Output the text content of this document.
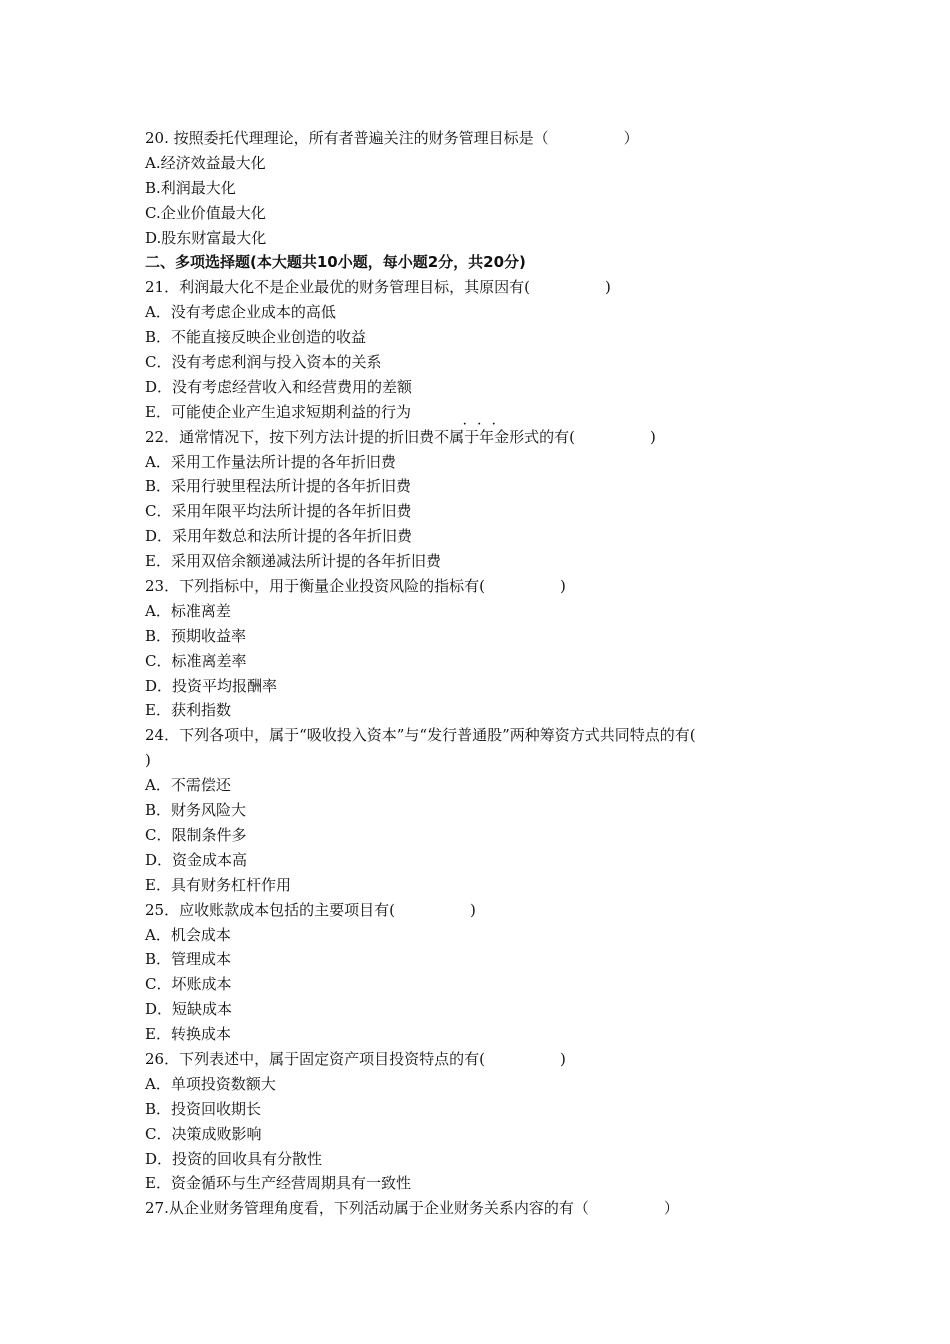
20. 按照委托代理理论，所有者普遍关注的财务管理目标是（　　　　　）
A.经济效益最大化
B.利润最大化
C.企业价值最大化
D.股东财富最大化
二、多项选择题(本大题共10小题，每小题2分，共20分)
21．利润最大化不是企业最优的财务管理目标，其原因有(　　　　　)
A．没有考虑企业成本的高低
B．不能直接反映企业创造的收益
C．没有考虑利润与投入资本的关系
D．没有考虑经营收入和经营费用的差额
E．可能使企业产生追求短期利益的行为
···
22．通常情况下，按下列方法计提的折旧费不属于年金形式的有(　　　　　)
A．采用工作量法所计提的各年折旧费
B．采用行驶里程法所计提的各年折旧费
C．采用年限平均法所计提的各年折旧费
D．采用年数总和法所计提的各年折旧费
E．采用双倍余额递减法所计提的各年折旧费
23．下列指标中，用于衡量企业投资风险的指标有(　　　　　)
A．标准离差
B．预期收益率
C．标准离差率
D．投资平均报酬率
E．获利指数
24．下列各项中，属于“吸收投入资本”与“发行普通股”两种筹资方式共同特点的有(
)
A．不需偿还
B．财务风险大
C．限制条件多
D．资金成本高
E．具有财务杠杆作用
25．应收账款成本包括的主要项目有(　　　　　)
A．机会成本
B．管理成本
C．坏账成本
D．短缺成本
E．转换成本
26．下列表述中，属于固定资产项目投资特点的有(　　　　　)
A．单项投资数额大
B．投资回收期长
C．决策成败影响
D．投资的回收具有分散性
E．资金循环与生产经营周期具有一致性
27.从企业财务管理角度看，下列活动属于企业财务关系内容的有（　　　　　）
